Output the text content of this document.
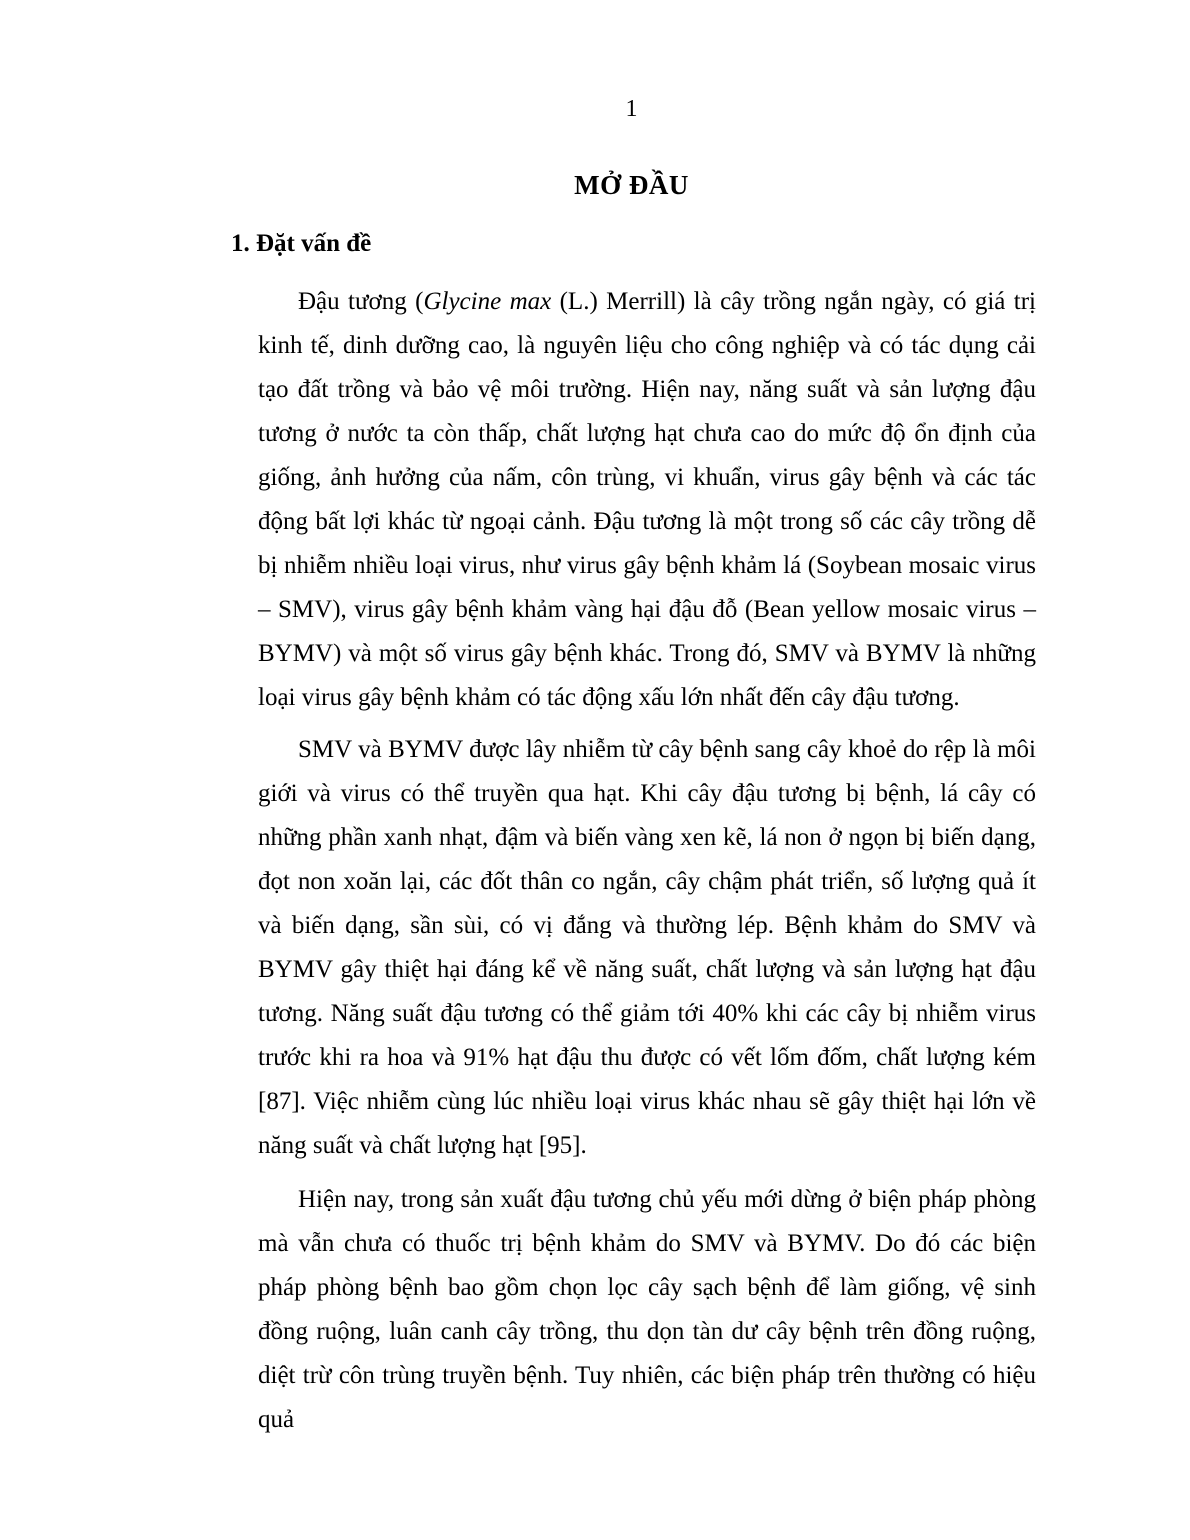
1

MỞ ĐẦU
1. Đặt vấn đề

Đậu tương (Glycine max (L.) Merrill) là cây trồng ngắn ngày, có giá trị kinh tế, dinh dưỡng cao, là nguyên liệu cho công nghiệp và có tác dụng cải tạo đất trồng và bảo vệ môi trường. Hiện nay, năng suất và sản lượng đậu tương ở nước ta còn thấp, chất lượng hạt chưa cao do mức độ ổn định của giống, ảnh hưởng của nấm, côn trùng, vi khuẩn, virus gây bệnh và các tác động bất lợi khác từ ngoại cảnh. Đậu tương là một trong số các cây trồng dễ bị nhiễm nhiều loại virus, như virus gây bệnh khảm lá (Soybean mosaic virus – SMV), virus gây bệnh khảm vàng hại đậu đỗ (Bean yellow mosaic virus – BYMV) và một số virus gây bệnh khác. Trong đó, SMV và BYMV là những loại virus gây bệnh khảm có tác động xấu lớn nhất đến cây đậu tương.

SMV và BYMV được lây nhiễm từ cây bệnh sang cây khoẻ do rệp là môi giới và virus có thể truyền qua hạt. Khi cây đậu tương bị bệnh, lá cây có những phần xanh nhạt, đậm và biến vàng xen kẽ, lá non ở ngọn bị biến dạng, đọt non xoăn lại, các đốt thân co ngắn, cây chậm phát triển, số lượng quả ít và biến dạng, sần sùi, có vị đắng và thường lép. Bệnh khảm do SMV và BYMV gây thiệt hại đáng kể về năng suất, chất lượng và sản lượng hạt đậu tương. Năng suất đậu tương có thể giảm tới 40% khi các cây bị nhiễm virus trước khi ra hoa và 91% hạt đậu thu được có vết lốm đốm, chất lượng kém [87]. Việc nhiễm cùng lúc nhiều loại virus khác nhau sẽ gây thiệt hại lớn về năng suất và chất lượng hạt [95].

Hiện nay, trong sản xuất đậu tương chủ yếu mới dừng ở biện pháp phòng mà vẫn chưa có thuốc trị bệnh khảm do SMV và BYMV. Do đó các biện pháp phòng bệnh bao gồm chọn lọc cây sạch bệnh để làm giống, vệ sinh đồng ruộng, luân canh cây trồng, thu dọn tàn dư cây bệnh trên đồng ruộng, diệt trừ côn trùng truyền bệnh. Tuy nhiên, các biện pháp trên thường có hiệu quả
